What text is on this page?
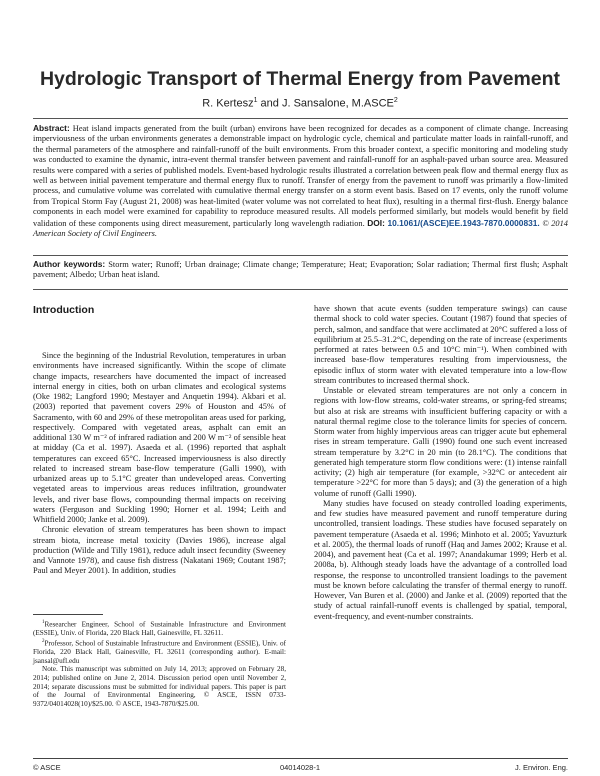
Hydrologic Transport of Thermal Energy from Pavement
R. Kertesz$^1$ and J. Sansalone, M.ASCE$^2$
Abstract: Heat island impacts generated from the built (urban) environs have been recognized for decades as a component of climate change. Increasing imperviousness of the urban environments generates a demonstrable impact on hydrologic cycle, chemical and particulate matter loads in rainfall-runoff, and the thermal parameters of the atmosphere and rainfall-runoff of the built environments. From this broader context, a specific monitoring and modeling study was conducted to examine the dynamic, intra-event thermal transfer between pavement and rainfall-runoff for an asphalt-paved urban source area. Measured results were compared with a series of published models. Event-based hydrologic results illustrated a correlation between peak flow and thermal energy flux as well as between initial pavement temperature and thermal energy flux to runoff. Transfer of energy from the pavement to runoff was primarily a flow-limited process, and cumulative volume was correlated with cumulative thermal energy transfer on a storm event basis. Based on 17 events, only the runoff volume from Tropical Storm Fay (August 21, 2008) was heat-limited (water volume was not correlated to heat flux), resulting in a thermal first-flush. Energy balance components in each model were examined for capability to reproduce measured results. All models performed similarly, but models would benefit by field validation of these components using direct measurement, particularly long wavelength radiation. DOI: 10.1061/(ASCE)EE.1943-7870.0000831. © 2014 American Society of Civil Engineers.
Author keywords: Storm water; Runoff; Urban drainage; Climate change; Temperature; Heat; Evaporation; Solar radiation; Thermal first flush; Asphalt pavement; Albedo; Urban heat island.
Introduction

Since the beginning of the Industrial Revolution, temperatures in urban environments have increased significantly. Within the scope of climate change impacts, researchers have documented the impact of increased internal energy in cities, both on urban climates and ecological systems (Oke 1982; Langford 1990; Mestayer and Anquetin 1994). Akbari et al. (2003) reported that pavement covers 29% of Houston and 45% of Sacramento, with 60 and 29% of these metropolitan areas used for parking, respectively. Compared with vegetated areas, asphalt can emit an additional 130 W m⁻² of infrared radiation and 200 W m⁻² of sensible heat at midday (Ca et al. 1997). Asaeda et al. (1996) reported that asphalt temperatures can exceed 65°C. Increased imperviousness is also directly related to increased stream base-flow temperature (Galli 1990), with urbanized areas up to 5.1°C greater than undeveloped areas. Converting vegetated areas to impervious areas reduces infiltration, groundwater levels, and river base flows, compounding thermal impacts on receiving waters (Ferguson and Suckling 1990; Horner et al. 1994; Leith and Whitfield 2000; Janke et al. 2009).

Chronic elevation of stream temperatures has been shown to impact stream biota, increase metal toxicity (Davies 1986), increase algal production (Wilde and Tilly 1981), reduce adult insect fecundity (Sweeney and Vannote 1978), and cause fish distress (Nakatani 1969; Coutant 1987; Paul and Meyer 2001). In addition, studies

$^1$Researcher Engineer, School of Sustainable Infrastructure and Environment (ESSIE), Univ. of Florida, 220 Black Hall, Gainesville, FL 32611.

$^2$Professor, School of Sustainable Infrastructure and Environment (ESSIE), Univ. of Florida, 220 Black Hall, Gainesville, FL 32611 (corresponding author). E-mail: jsansal@ufl.edu

Note. This manuscript was submitted on July 14, 2013; approved on February 28, 2014; published online on June 2, 2014. Discussion period open until November 2, 2014; separate discussions must be submitted for individual papers. This paper is part of the Journal of Environmental Engineering, © ASCE, ISSN 0733-9372/04014028(10)/$25.00. © ASCE, 1943-7870/$25.00.

have shown that acute events (sudden temperature swings) can cause thermal shock to cold water species. Coutant (1987) found that species of perch, salmon, and sandface that were acclimated at 20°C suffered a loss of equilibrium at 25.5–31.2°C, depending on the rate of increase (experiments performed at rates between 0.5 and 10°C min⁻¹). When combined with increased base-flow temperatures resulting from imperviousness, the episodic influx of storm water with elevated temperature into a low-flow stream contributes to increased thermal shock.

Unstable or elevated stream temperatures are not only a concern in regions with low-flow streams, cold-water streams, or spring-fed streams; but also at risk are streams with insufficient buffering capacity or with a natural thermal regime close to the tolerance limits for species of concern. Storm water from highly impervious areas can trigger acute but ephemeral rises in stream temperature. Galli (1990) found one such event increased stream temperature by 3.2°C in 20 min (to 28.1°C). The conditions that generated high temperature storm flow conditions were: (1) intense rainfall activity; (2) high air temperature (for example, >32°C or antecedent air temperature >22°C for more than 5 days); and (3) the generation of a high volume of runoff (Galli 1990).

Many studies have focused on steady controlled loading experiments, and few studies have measured pavement and runoff temperature during uncontrolled, transient loadings. These studies have focused separately on pavement temperature (Asaeda et al. 1996; Minhoto et al. 2005; Yavuzturk et al. 2005), the thermal loads of runoff (Haq and James 2002; Krause et al. 2004), and pavement heat (Ca et al. 1997; Anandakumar 1999; Herb et al. 2008a, b). Although steady loads have the advantage of a controlled load response, the response to uncontrolled transient loadings to the pavement must be known before calculating the transfer of thermal energy to runoff. However, Van Buren et al. (2000) and Janke et al. (2009) reported that the study of actual rainfall-runoff events is challenged by spatial, temporal, event-frequency, and event-number constraints.

© ASCE	04014028-1	J. Environ. Eng.
